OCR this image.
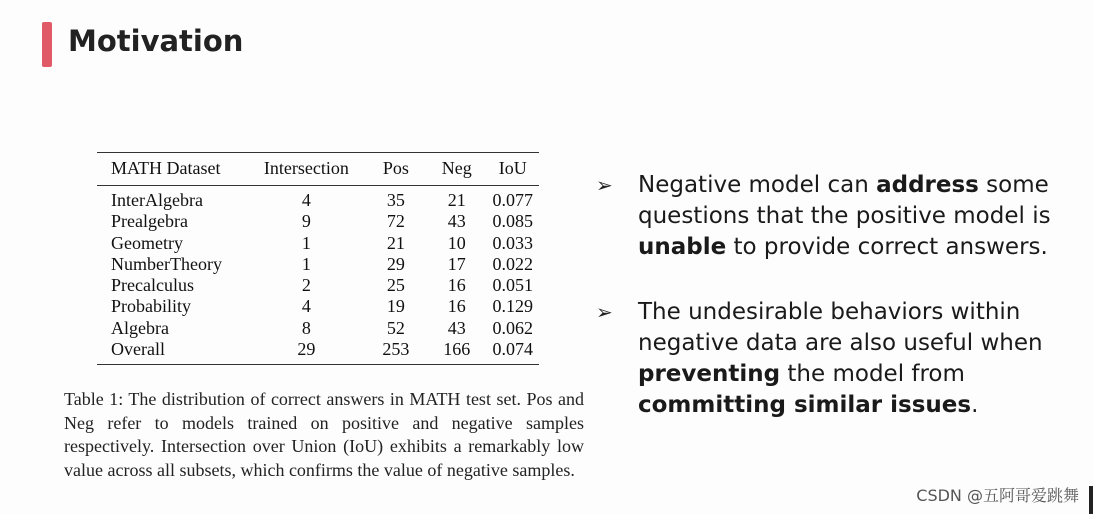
Motivation
MATH Dataset	Intersection	Pos	Neg	IoU
InterAlgebra	4	35	21	0.077
Prealgebra	9	72	43	0.085
Geometry	1	21	10	0.033
NumberTheory	1	29	17	0.022
Precalculus	2	25	16	0.051
Probability	4	19	16	0.129
Algebra	8	52	43	0.062
Overall	29	253	166	0.074
Table 1: The distribution of correct answers in MATH test set. Pos and Neg refer to models trained on positive and negative samples respectively. Intersection over Union (IoU) exhibits a remarkably low value across all subsets, which confirms the value of negative samples.
➢ Negative model can address some questions that the positive model is unable to provide correct answers.
➢ The undesirable behaviors within negative data are also useful when preventing the model from committing similar issues.
CSDN @五阿哥爱跳舞
